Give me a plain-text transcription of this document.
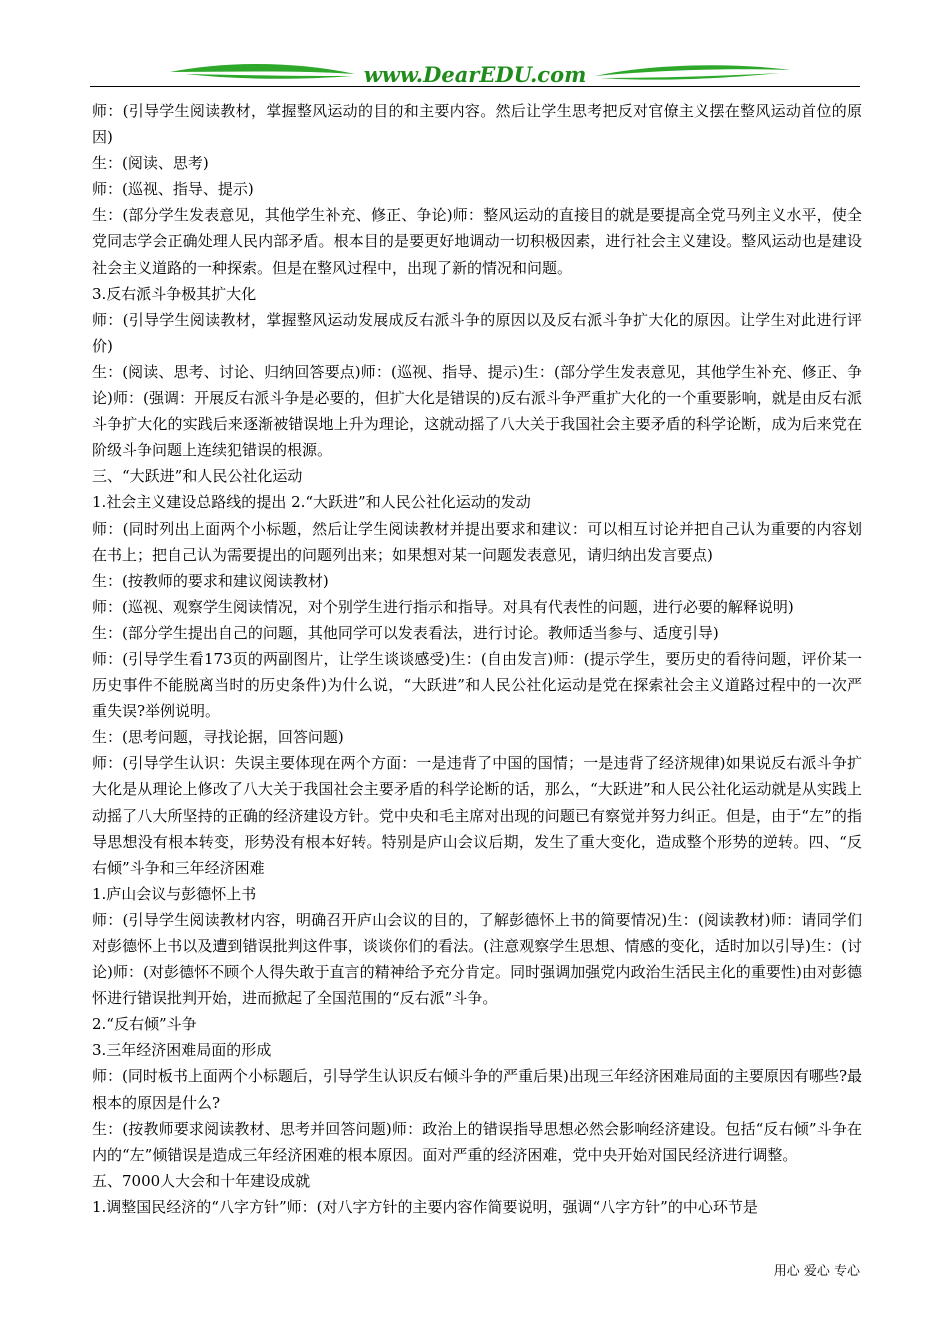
www.DearEDU.com

师：(引导学生阅读教材，掌握整风运动的目的和主要内容。然后让学生思考把反对官僚主义摆在整风运动首位的原因)

生：(阅读、思考)

师：(巡视、指导、提示)

生：(部分学生发表意见，其他学生补充、修正、争论)师：整风运动的直接目的就是要提高全党马列主义水平，使全党同志学会正确处理人民内部矛盾。根本目的是要更好地调动一切积极因素，进行社会主义建设。整风运动也是建设社会主义道路的一种探索。但是在整风过程中，出现了新的情况和问题。

3.反右派斗争极其扩大化

师：(引导学生阅读教材，掌握整风运动发展成反右派斗争的原因以及反右派斗争扩大化的原因。让学生对此进行评价)

生：(阅读、思考、讨论、归纳回答要点)师：(巡视、指导、提示)生：(部分学生发表意见，其他学生补充、修正、争论)师：(强调：开展反右派斗争是必要的，但扩大化是错误的)反右派斗争严重扩大化的一个重要影响，就是由反右派斗争扩大化的实践后来逐渐被错误地上升为理论，这就动摇了八大关于我国社会主要矛盾的科学论断，成为后来党在阶级斗争问题上连续犯错误的根源。

三、“大跃进”和人民公社化运动

1.社会主义建设总路线的提出 2.“大跃进”和人民公社化运动的发动

师：(同时列出上面两个小标题，然后让学生阅读教材并提出要求和建议：可以相互讨论并把自己认为重要的内容划在书上；把自己认为需要提出的问题列出来；如果想对某一问题发表意见，请归纳出发言要点)

生：(按教师的要求和建议阅读教材)

师：(巡视、观察学生阅读情况，对个别学生进行指示和指导。对具有代表性的问题，进行必要的解释说明)

生：(部分学生提出自己的问题，其他同学可以发表看法，进行讨论。教师适当参与、适度引导)

师：(引导学生看173页的两副图片，让学生谈谈感受)生：(自由发言)师：(提示学生，要历史的看待问题，评价某一历史事件不能脱离当时的历史条件)为什么说，“大跃进”和人民公社化运动是党在探索社会主义道路过程中的一次严重失误?举例说明。

生：(思考问题，寻找论据，回答问题)

师：(引导学生认识：失误主要体现在两个方面：一是违背了中国的国情；一是违背了经济规律)如果说反右派斗争扩大化是从理论上修改了八大关于我国社会主要矛盾的科学论断的话，那么，“大跃进”和人民公社化运动就是从实践上动摇了八大所坚持的正确的经济建设方针。党中央和毛主席对出现的问题已有察觉并努力纠正。但是，由于“左”的指导思想没有根本转变，形势没有根本好转。特别是庐山会议后期，发生了重大变化，造成整个形势的逆转。四、“反右倾”斗争和三年经济困难

1.庐山会议与彭德怀上书

师：(引导学生阅读教材内容，明确召开庐山会议的目的，了解彭德怀上书的简要情况)生：(阅读教材)师：请同学们对彭德怀上书以及遭到错误批判这件事，谈谈你们的看法。(注意观察学生思想、情感的变化，适时加以引导)生：(讨论)师：(对彭德怀不顾个人得失敢于直言的精神给予充分肯定。同时强调加强党内政治生活民主化的重要性)由对彭德怀进行错误批判开始，进而掀起了全国范围的“反右派”斗争。

2.“反右倾”斗争

3.三年经济困难局面的形成

师：(同时板书上面两个小标题后，引导学生认识反右倾斗争的严重后果)出现三年经济困难局面的主要原因有哪些?最根本的原因是什么?

生：(按教师要求阅读教材、思考并回答问题)师：政治上的错误指导思想必然会影响经济建设。包括“反右倾”斗争在内的“左”倾错误是造成三年经济困难的根本原因。面对严重的经济困难，党中央开始对国民经济进行调整。

五、7000人大会和十年建设成就

1.调整国民经济的“八字方针”师：(对八字方针的主要内容作简要说明，强调“八字方针”的中心环节是

用心 爱心 专心
